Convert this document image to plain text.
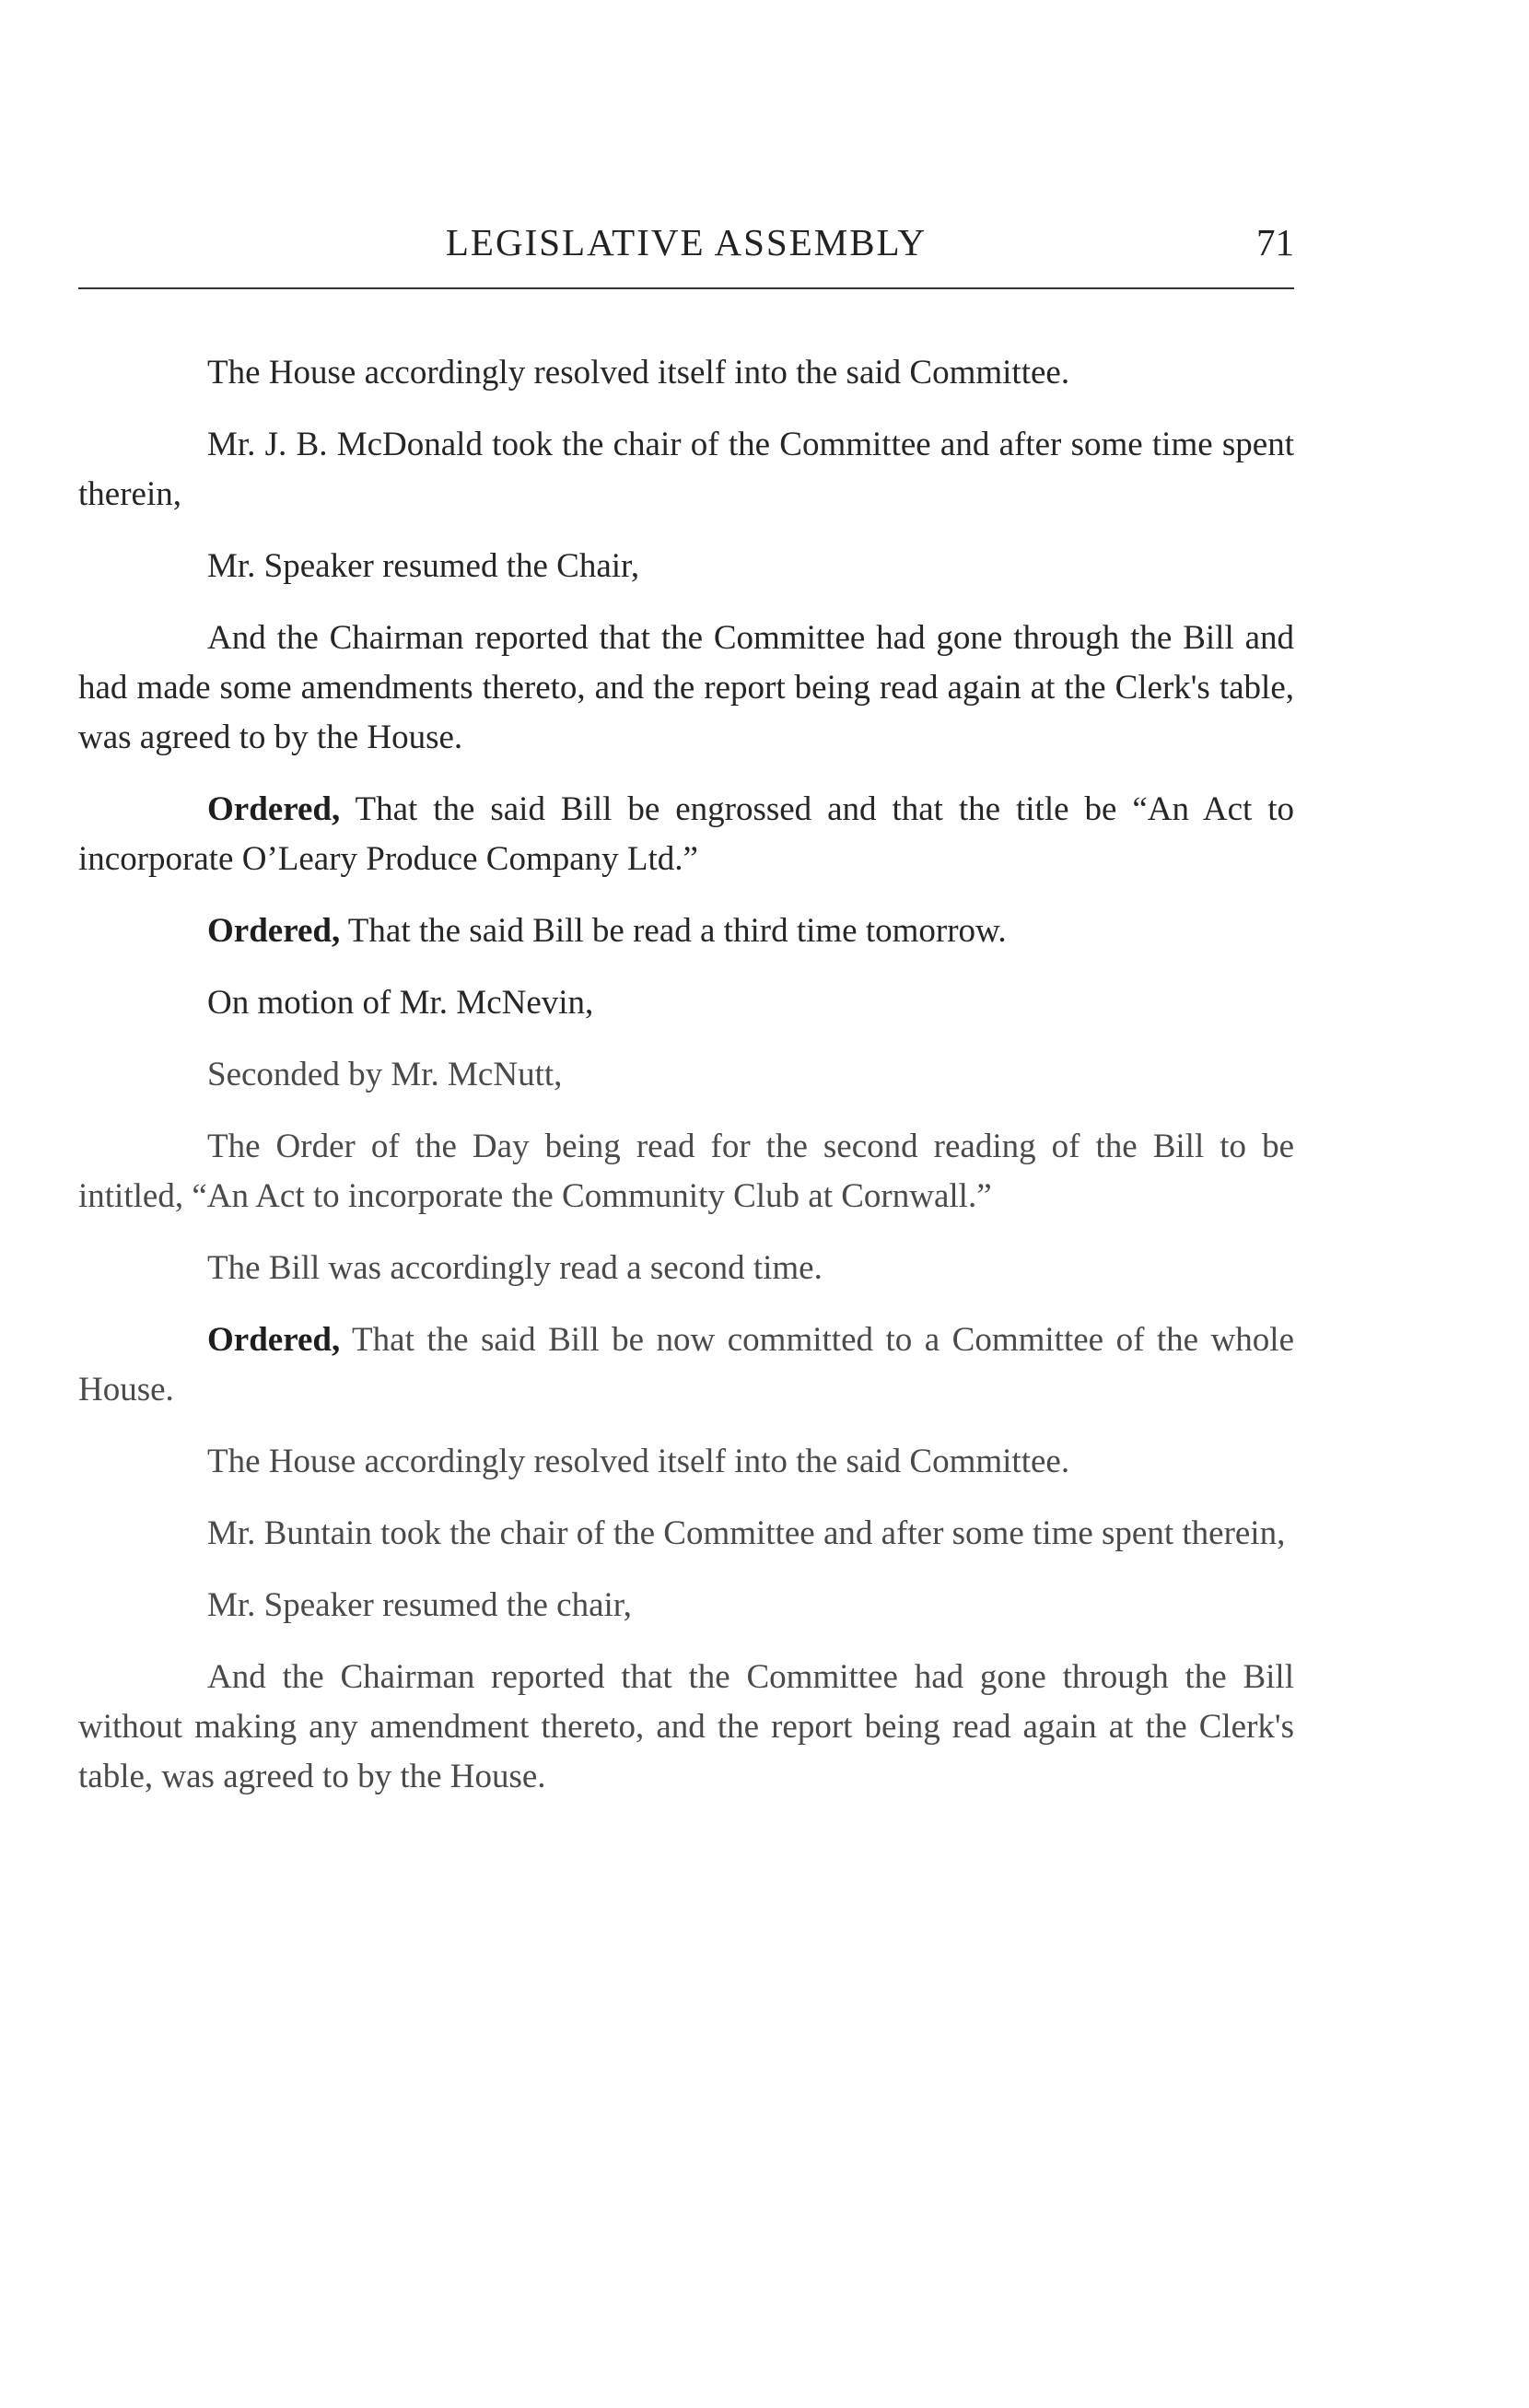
LEGISLATIVE ASSEMBLY	71

The House accordingly resolved itself into the said Committee.

Mr. J. B. McDonald took the chair of the Committee and after some time spent therein,

Mr. Speaker resumed the Chair,

And the Chairman reported that the Committee had gone through the Bill and had made some amendments thereto, and the report being read again at the Clerk's table, was agreed to by the House.

Ordered, That the said Bill be engrossed and that the title be “An Act to incorporate O’Leary Produce Company Ltd.”

Ordered, That the said Bill be read a third time tomorrow.

On motion of Mr. McNevin,

Seconded by Mr. McNutt,

The Order of the Day being read for the second reading of the Bill to be intitled, “An Act to incorporate the Community Club at Cornwall.”

The Bill was accordingly read a second time.

Ordered, That the said Bill be now committed to a Committee of the whole House.

The House accordingly resolved itself into the said Committee.

Mr. Buntain took the chair of the Committee and after some time spent therein,

Mr. Speaker resumed the chair,

And the Chairman reported that the Committee had gone through the Bill without making any amendment thereto, and the report being read again at the Clerk's table, was agreed to by the House.
